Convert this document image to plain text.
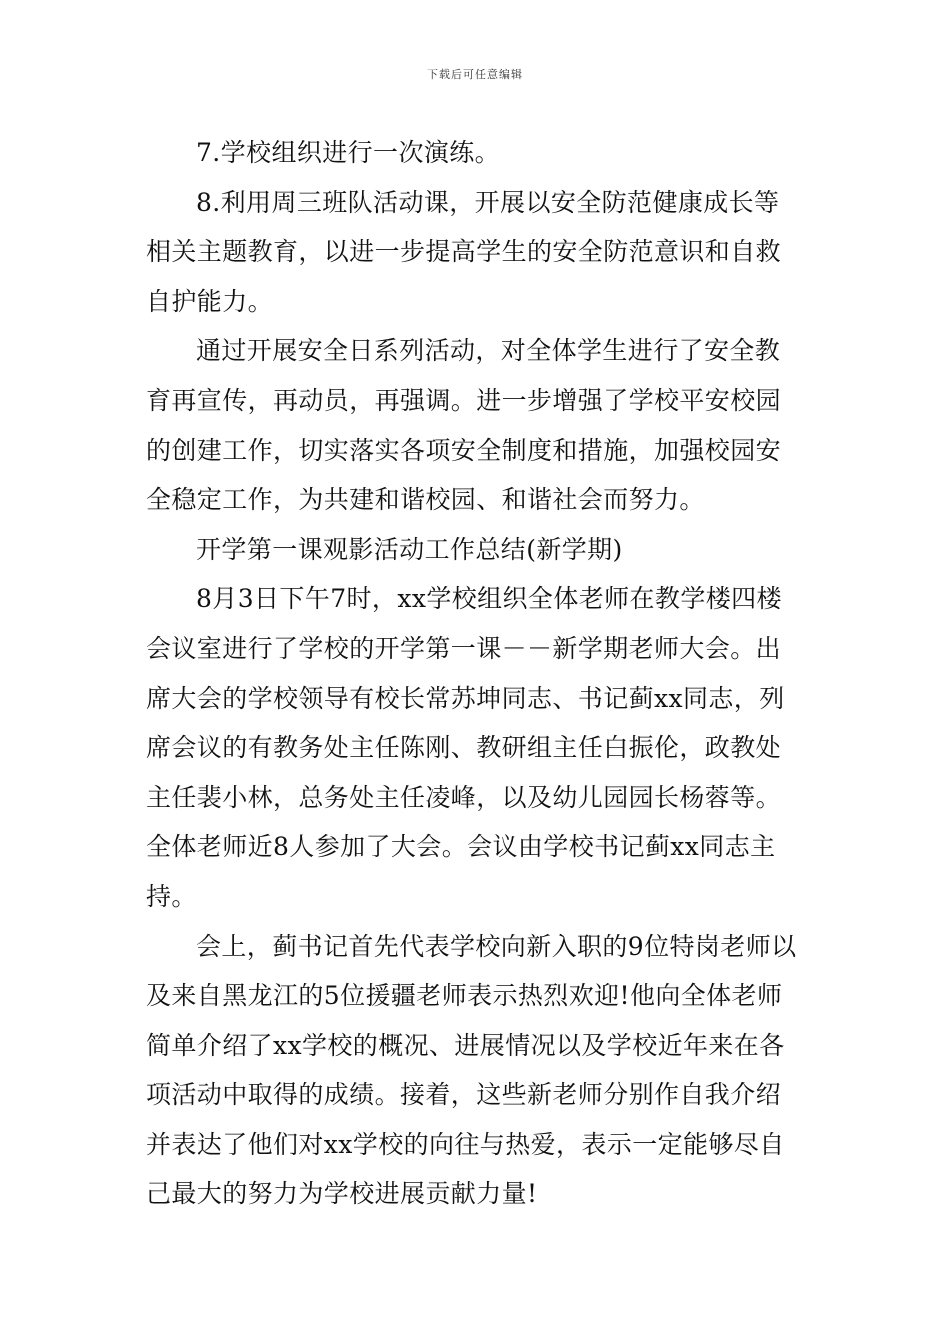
下载后可任意编辑
7.学校组织进行一次演练。
8.利用周三班队活动课，开展以安全防范健康成长等
相关主题教育，以进一步提高学生的安全防范意识和自救
自护能力。
通过开展安全日系列活动，对全体学生进行了安全教
育再宣传，再动员，再强调。进一步增强了学校平安校园
的创建工作，切实落实各项安全制度和措施，加强校园安
全稳定工作，为共建和谐校园、和谐社会而努力。
开学第一课观影活动工作总结(新学期)
8月3日下午7时，xx学校组织全体老师在教学楼四楼
会议室进行了学校的开学第一课－－新学期老师大会。出
席大会的学校领导有校长常苏坤同志、书记蓟xx同志，列
席会议的有教务处主任陈刚、教研组主任白振伦，政教处
主任裴小林，总务处主任凌峰，以及幼儿园园长杨蓉等。
全体老师近8人参加了大会。会议由学校书记蓟xx同志主
持。
会上，蓟书记首先代表学校向新入职的9位特岗老师以
及来自黑龙江的5位援疆老师表示热烈欢迎!他向全体老师
简单介绍了xx学校的概况、进展情况以及学校近年来在各
项活动中取得的成绩。接着，这些新老师分别作自我介绍
并表达了他们对xx学校的向往与热爱，表示一定能够尽自
己最大的努力为学校进展贡献力量!
